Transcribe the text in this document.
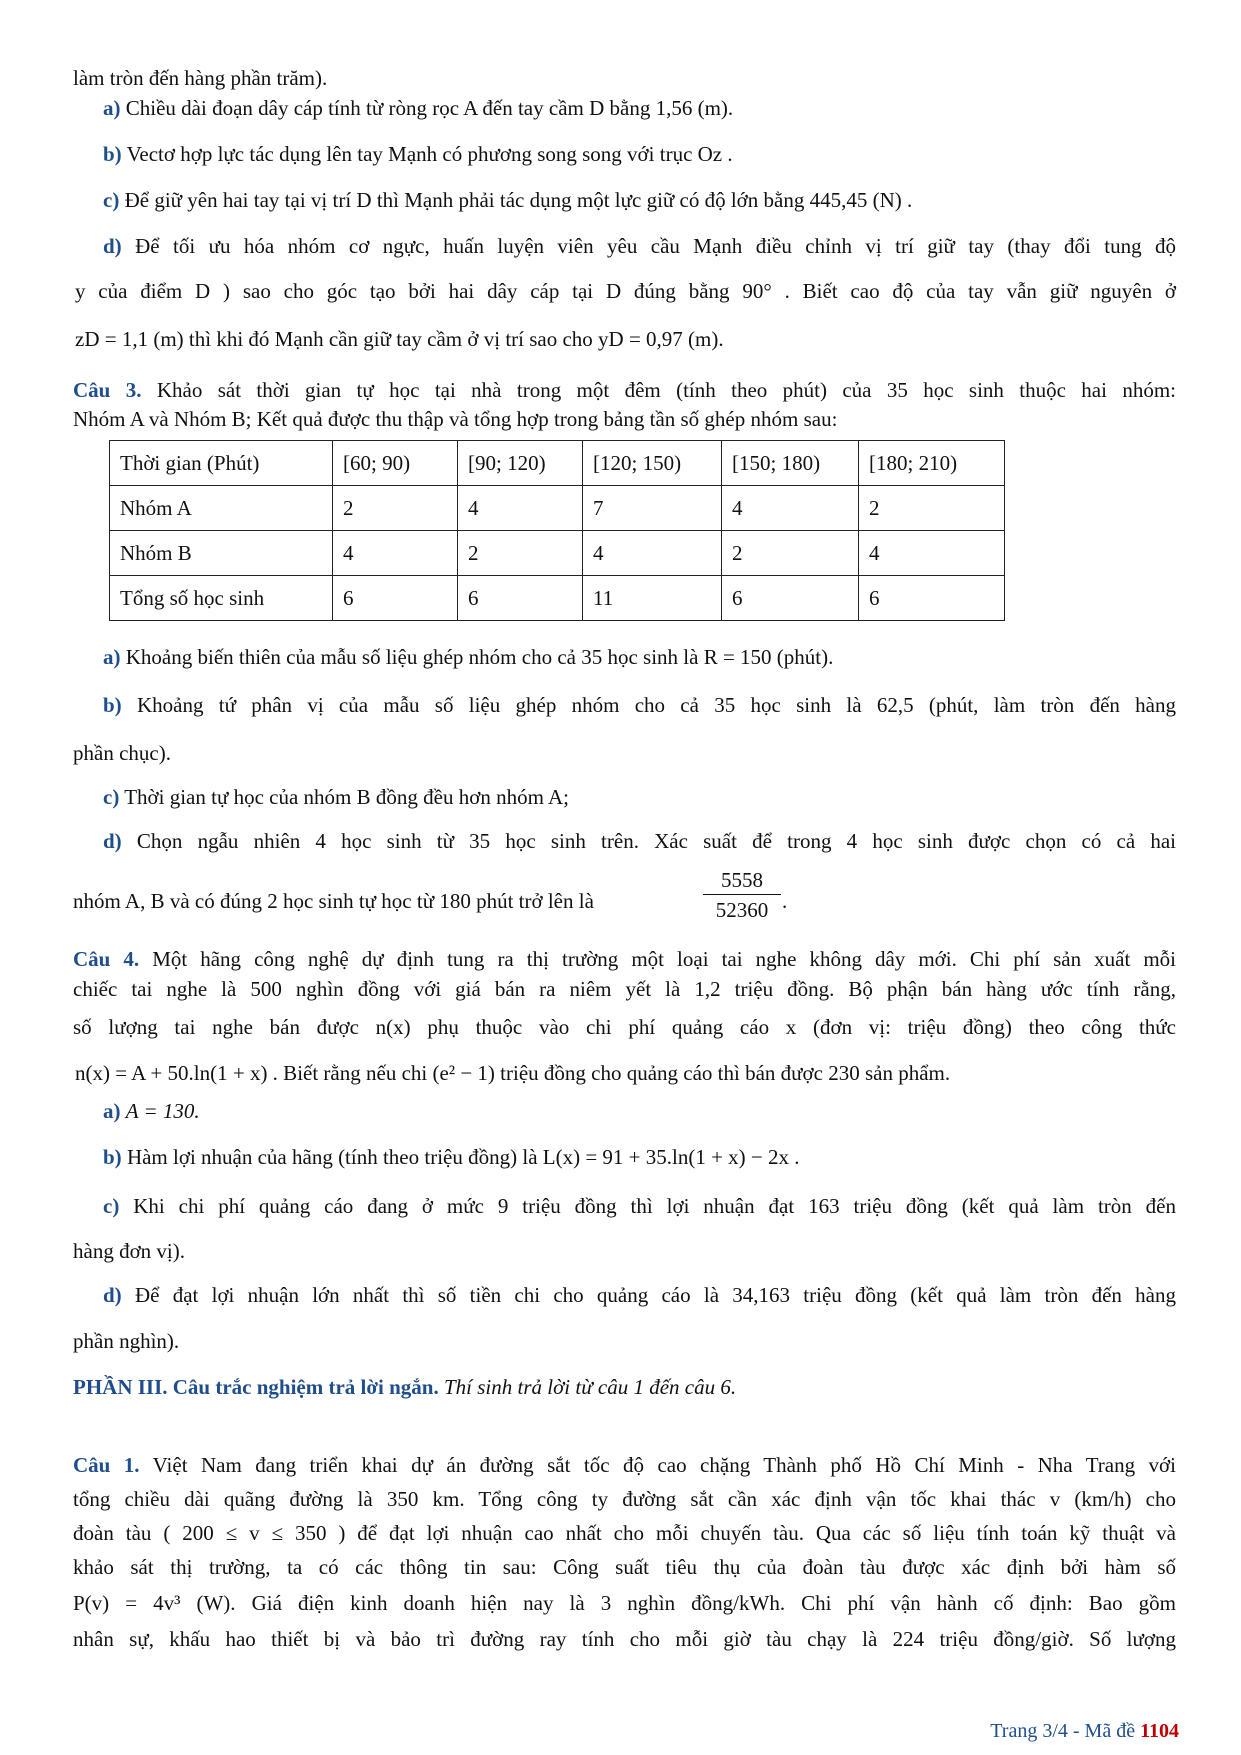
làm tròn đến hàng phần trăm).
a) Chiều dài đoạn dây cáp tính từ ròng rọc A đến tay cầm D bằng 1,56 (m).
b) Vectơ hợp lực tác dụng lên tay Mạnh có phương song song với trục Oz .
c) Để giữ yên hai tay tại vị trí D thì Mạnh phải tác dụng một lực giữ có độ lớn bằng 445,45 (N) .
d) Để tối ưu hóa nhóm cơ ngực, huấn luyện viên yêu cầu Mạnh điều chỉnh vị trí giữ tay (thay đổi tung độ
y của điểm D ) sao cho góc tạo bởi hai dây cáp tại D đúng bằng 90° . Biết cao độ của tay vẫn giữ nguyên ở
zD = 1,1 (m) thì khi đó Mạnh cần giữ tay cầm ở vị trí sao cho yD = 0,97 (m).
Câu 3. Khảo sát thời gian tự học tại nhà trong một đêm (tính theo phút) của 35 học sinh thuộc hai nhóm:
Nhóm A và Nhóm B; Kết quả được thu thập và tổng hợp trong bảng tần số ghép nhóm sau:
Thời gian (Phút)	[60; 90)	[90; 120)	[120; 150)	[150; 180)	[180; 210)
Nhóm A	2	4	7	4	2
Nhóm B	4	2	4	2	4
Tổng số học sinh	6	6	11	6	6
a) Khoảng biến thiên của mẫu số liệu ghép nhóm cho cả 35 học sinh là R = 150 (phút).
b) Khoảng tứ phân vị của mẫu số liệu ghép nhóm cho cả 35 học sinh là 62,5 (phút, làm tròn đến hàng
phần chục).
c) Thời gian tự học của nhóm B đồng đều hơn nhóm A;
d) Chọn ngẫu nhiên 4 học sinh từ 35 học sinh trên. Xác suất để trong 4 học sinh được chọn có cả hai
nhóm A, B và có đúng 2 học sinh tự học từ 180 phút trở lên là	$\frac{5558}{52360}$ .
Câu 4. Một hãng công nghệ dự định tung ra thị trường một loại tai nghe không dây mới. Chi phí sản xuất mỗi
chiếc tai nghe là 500 nghìn đồng với giá bán ra niêm yết là 1,2 triệu đồng. Bộ phận bán hàng ước tính rằng,
số lượng tai nghe bán được n(x) phụ thuộc vào chi phí quảng cáo x (đơn vị: triệu đồng) theo công thức
n(x) = A + 50.ln(1 + x) . Biết rằng nếu chi (e² − 1) triệu đồng cho quảng cáo thì bán được 230 sản phẩm.
a) A = 130.
b) Hàm lợi nhuận của hãng (tính theo triệu đồng) là L(x) = 91 + 35.ln(1 + x) − 2x .
c) Khi chi phí quảng cáo đang ở mức 9 triệu đồng thì lợi nhuận đạt 163 triệu đồng (kết quả làm tròn đến
hàng đơn vị).
d) Để đạt lợi nhuận lớn nhất thì số tiền chi cho quảng cáo là 34,163 triệu đồng (kết quả làm tròn đến hàng
phần nghìn).
PHẦN III. Câu trắc nghiệm trả lời ngắn. Thí sinh trả lời từ câu 1 đến câu 6.
Câu 1. Việt Nam đang triển khai dự án đường sắt tốc độ cao chặng Thành phố Hồ Chí Minh - Nha Trang với
tổng chiều dài quãng đường là 350 km. Tổng công ty đường sắt cần xác định vận tốc khai thác v (km/h) cho
đoàn tàu ( 200 ≤ v ≤ 350 ) để đạt lợi nhuận cao nhất cho mỗi chuyến tàu. Qua các số liệu tính toán kỹ thuật và
khảo sát thị trường, ta có các thông tin sau: Công suất tiêu thụ của đoàn tàu được xác định bởi hàm số
P(v) = 4v³ (W). Giá điện kinh doanh hiện nay là 3 nghìn đồng/kWh. Chi phí vận hành cố định: Bao gồm
nhân sự, khấu hao thiết bị và bảo trì đường ray tính cho mỗi giờ tàu chạy là 224 triệu đồng/giờ. Số lượng
Trang 3/4 - Mã đề 1104
